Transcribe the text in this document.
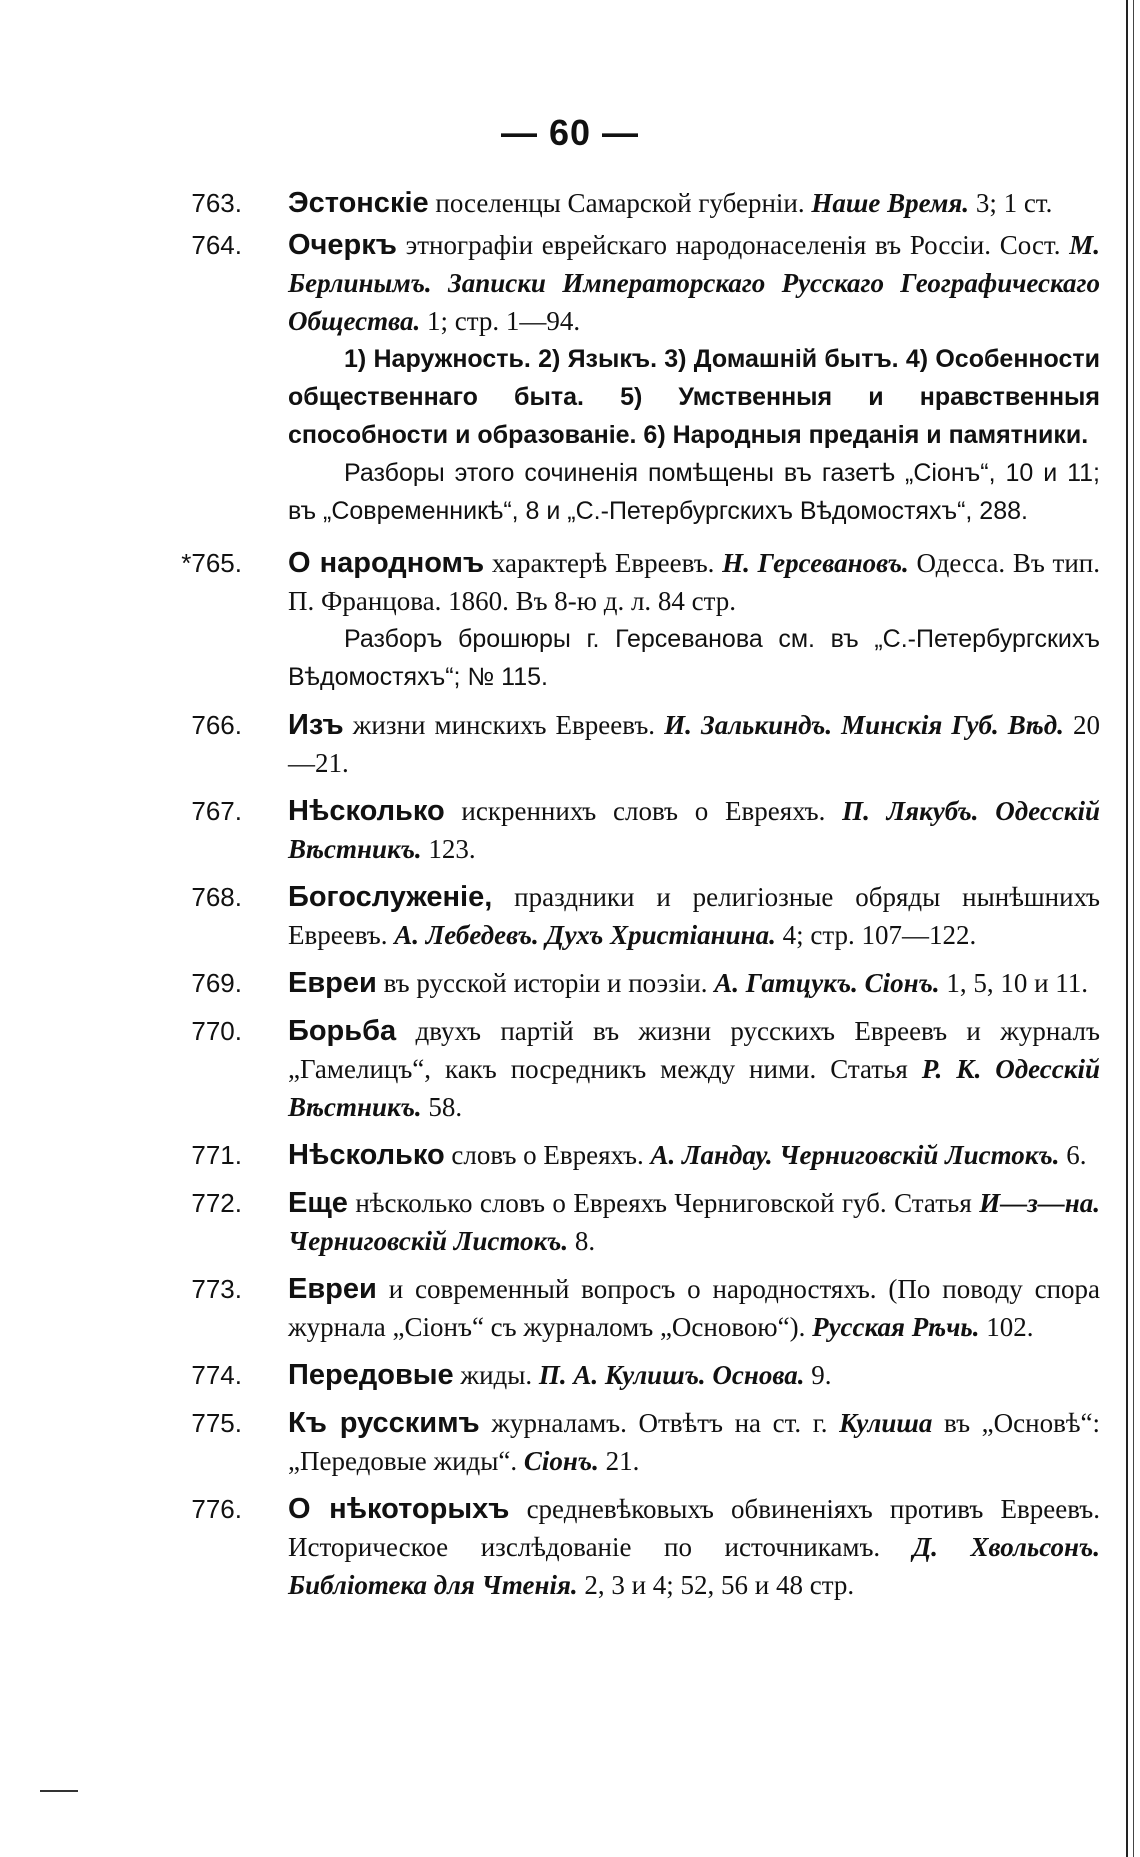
— 60 —

763. Эстонскіе поселенцы Самарской губерніи. Наше Время. 3; 1 ст.

764. Очеркъ этнографіи еврейскаго народонаселенія въ Россіи. Сост. М. Берлинымъ. Записки Императорскаго Русскаго Географическаго Общества. 1; стр. 1—94.
1) Наружность. 2) Языкъ. 3) Домашній бытъ. 4) Особенности общественнаго быта. 5) Умственныя и нравственныя способности и образованіе. 6) Народныя преданія и памятники.
Разборы этого сочиненія помѣщены въ газетѣ „Сіонъ“, 10 и 11; въ „Современникѣ“, 8 и „С.-Петербургскихъ Вѣдомостяхъ“, 288.

*765. О народномъ характерѣ Евреевъ. Н. Герсевановъ. Одесса. Въ тип. П. Францова. 1860. Въ 8-ю д. л. 84 стр.
Разборъ брошюры г. Герсеванова см. въ „С.-Петербургскихъ Вѣдомостяхъ“; № 115.

766. Изъ жизни минскихъ Евреевъ. И. Залькиндъ. Минскія Губ. Вѣд. 20—21.

767. Нѣсколько искреннихъ словъ о Евреяхъ. П. Лякубъ. Одесскій Вѣстникъ. 123.

768. Богослуженіе, праздники и религіозные обряды нынѣшнихъ Евреевъ. А. Лебедевъ. Духъ Христіанина. 4; стр. 107—122.

769. Евреи въ русской исторіи и поэзіи. А. Гатцукъ. Сіонъ. 1, 5, 10 и 11.

770. Борьба двухъ партій въ жизни русскихъ Евреевъ и журналъ „Гамелицъ“, какъ посредникъ между ними. Статья Р. К. Одесскій Вѣстникъ. 58.

771. Нѣсколько словъ о Евреяхъ. А. Ландау. Черниговскій Листокъ. 6.

772. Еще нѣсколько словъ о Евреяхъ Черниговской губ. Статья И—з—на. Черниговскій Листокъ. 8.

773. Евреи и современный вопросъ о народностяхъ. (По поводу спора журнала „Сіонъ“ съ журналомъ „Основою“). Русская Рѣчь. 102.

774. Передовые жиды. П. А. Кулишъ. Основа. 9.

775. Къ русскимъ журналамъ. Отвѣтъ на ст. г. Кулиша въ „Основѣ“: „Передовые жиды“. Сіонъ. 21.

776. О нѣкоторыхъ средневѣковыхъ обвиненіяхъ противъ Евреевъ. Историческое изслѣдованіе по источникамъ. Д. Хвольсонъ. Библіотека для Чтенія. 2, 3 и 4; 52, 56 и 48 стр.
